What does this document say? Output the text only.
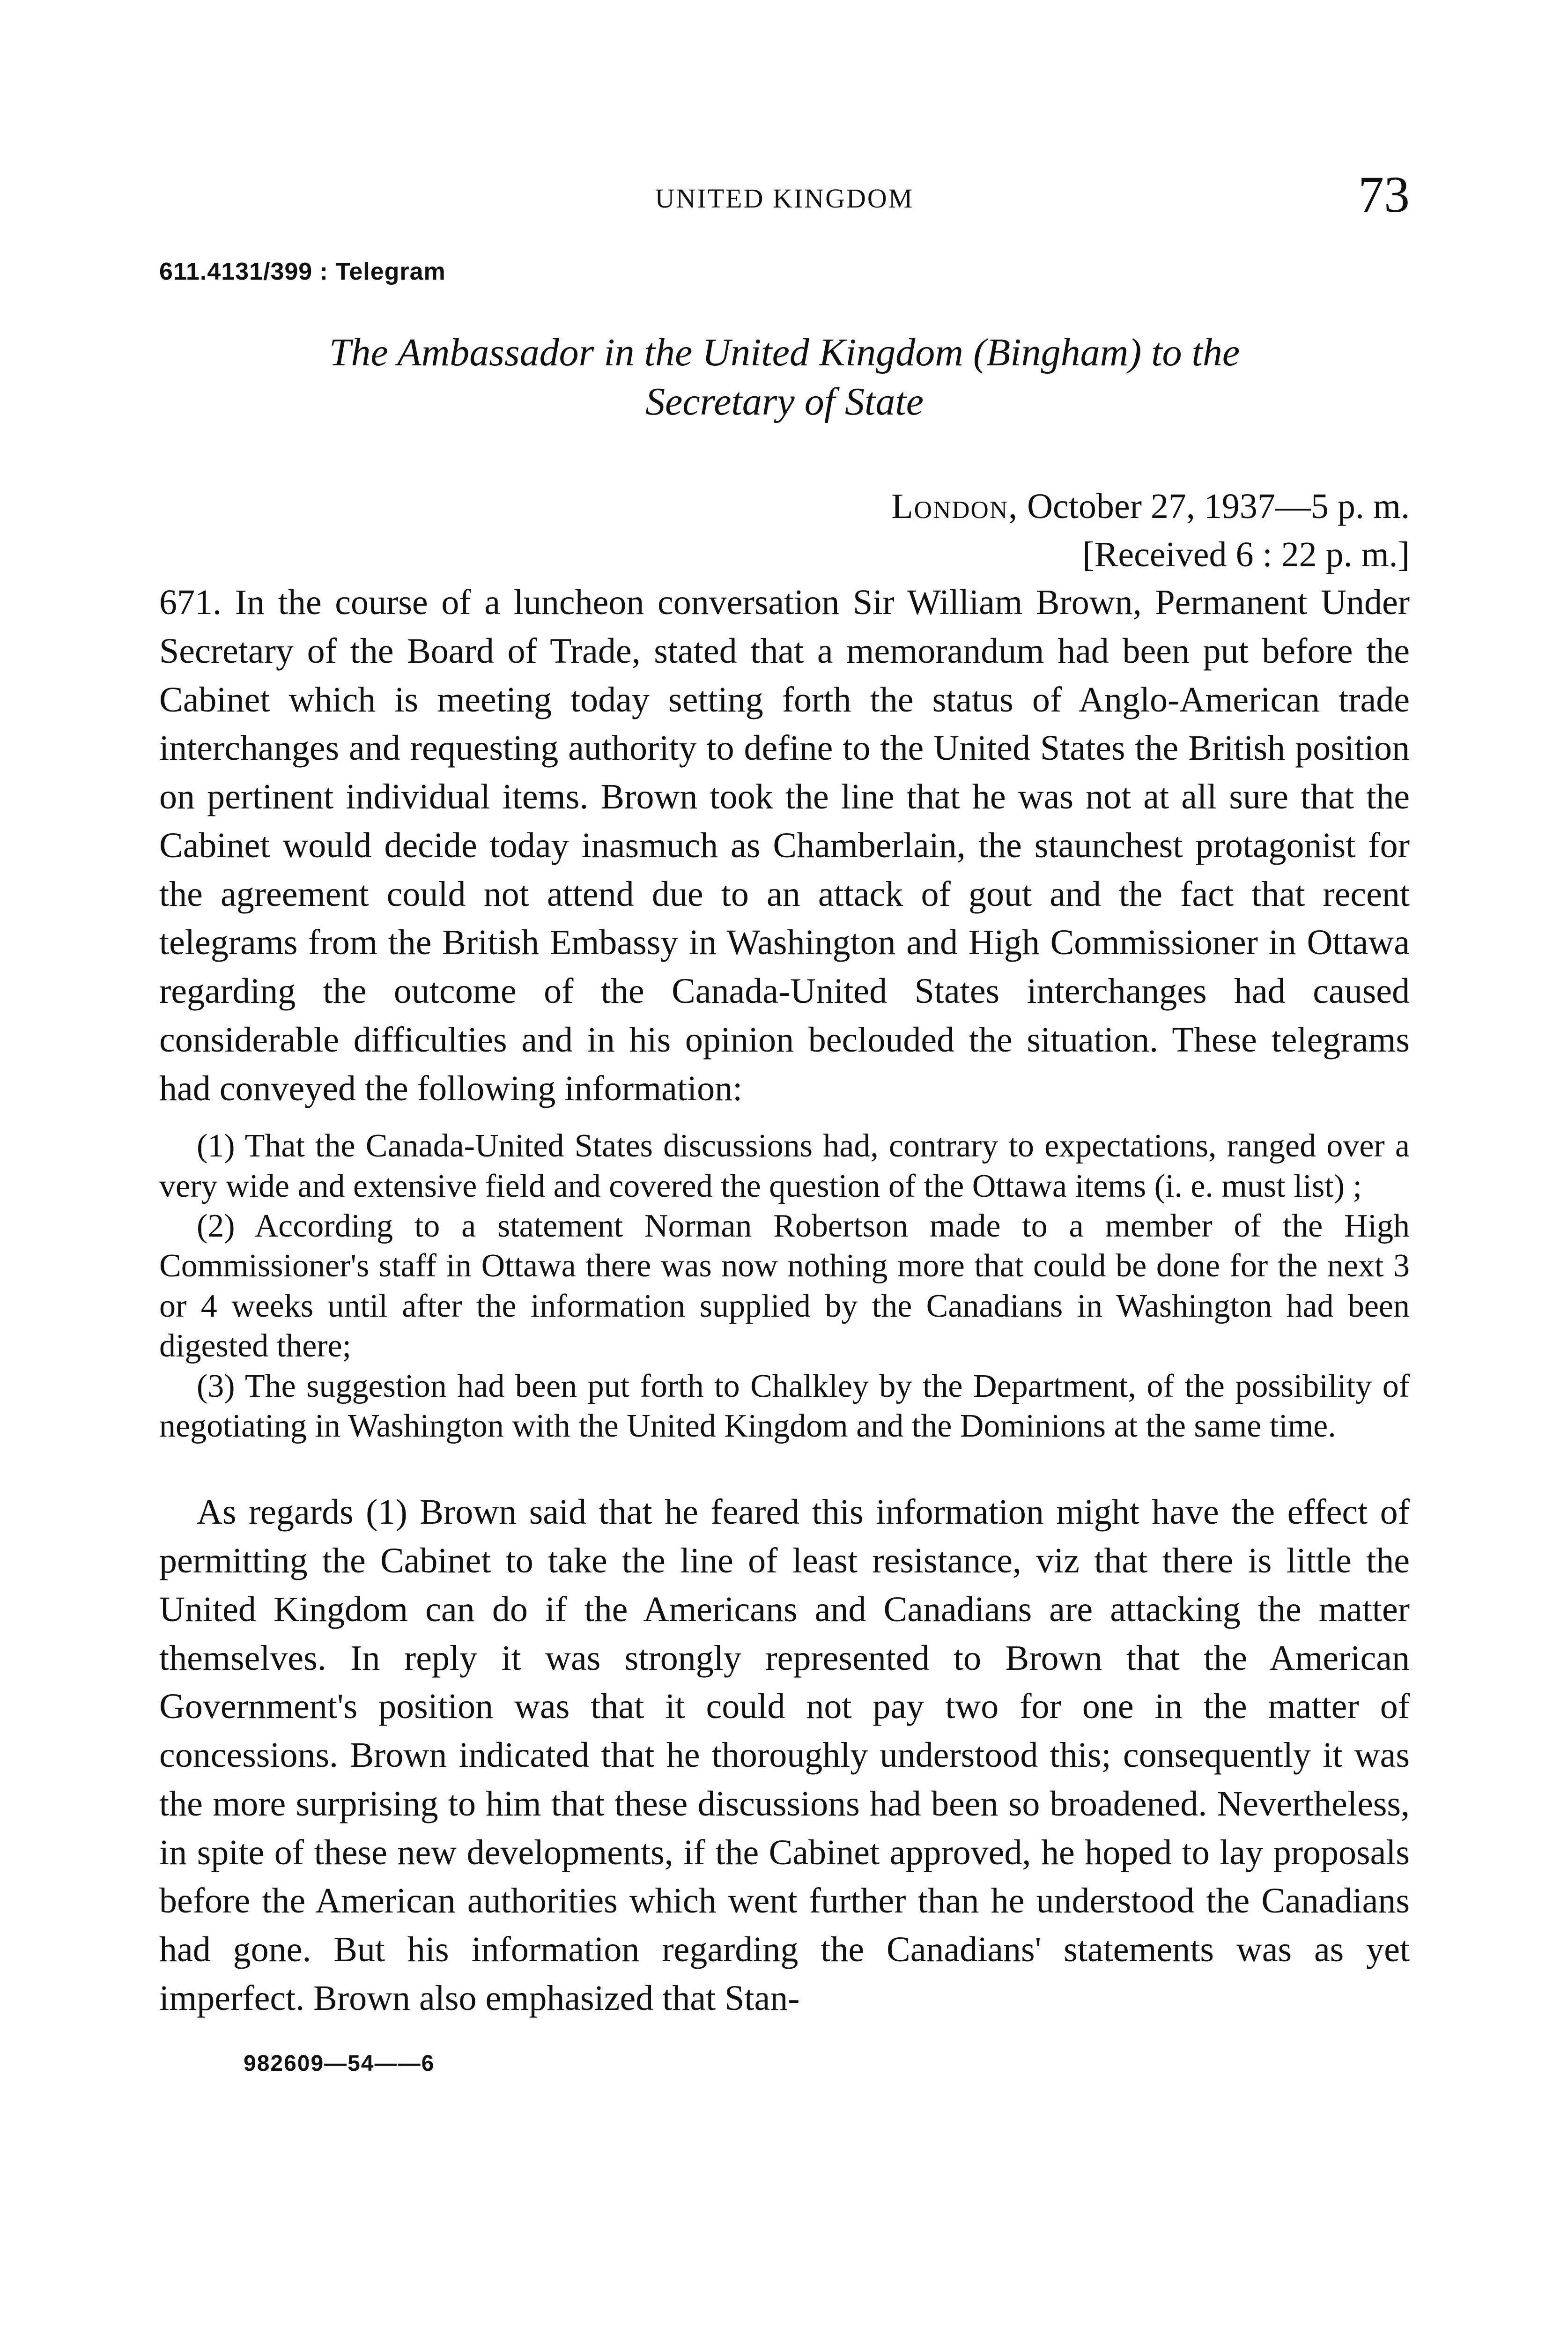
UNITED KINGDOM	73
611.4131/399 : Telegram
The Ambassador in the United Kingdom (Bingham) to the Secretary of State
London, October 27, 1937—5 p. m.
[Received 6 : 22 p. m.]

671. In the course of a luncheon conversation Sir William Brown, Permanent Under Secretary of the Board of Trade, stated that a memorandum had been put before the Cabinet which is meeting today setting forth the status of Anglo-American trade interchanges and requesting authority to define to the United States the British position on pertinent individual items. Brown took the line that he was not at all sure that the Cabinet would decide today inasmuch as Chamberlain, the staunchest protagonist for the agreement could not attend due to an attack of gout and the fact that recent telegrams from the British Embassy in Washington and High Commissioner in Ottawa regarding the outcome of the Canada-United States interchanges had caused considerable difficulties and in his opinion beclouded the situation. These telegrams had conveyed the following information:

(1) That the Canada-United States discussions had, contrary to expectations, ranged over a very wide and extensive field and covered the question of the Ottawa items (i. e. must list) ;

(2) According to a statement Norman Robertson made to a member of the High Commissioner's staff in Ottawa there was now nothing more that could be done for the next 3 or 4 weeks until after the information supplied by the Canadians in Washington had been digested there;

(3) The suggestion had been put forth to Chalkley by the Department, of the possibility of negotiating in Washington with the United Kingdom and the Dominions at the same time.

As regards (1) Brown said that he feared this information might have the effect of permitting the Cabinet to take the line of least resistance, viz that there is little the United Kingdom can do if the Americans and Canadians are attacking the matter themselves. In reply it was strongly represented to Brown that the American Government's position was that it could not pay two for one in the matter of concessions. Brown indicated that he thoroughly understood this; consequently it was the more surprising to him that these discussions had been so broadened. Nevertheless, in spite of these new developments, if the Cabinet approved, he hoped to lay proposals before the American authorities which went further than he understood the Canadians had gone. But his information regarding the Canadians' statements was as yet imperfect. Brown also emphasized that Stan-

982609—54——6
